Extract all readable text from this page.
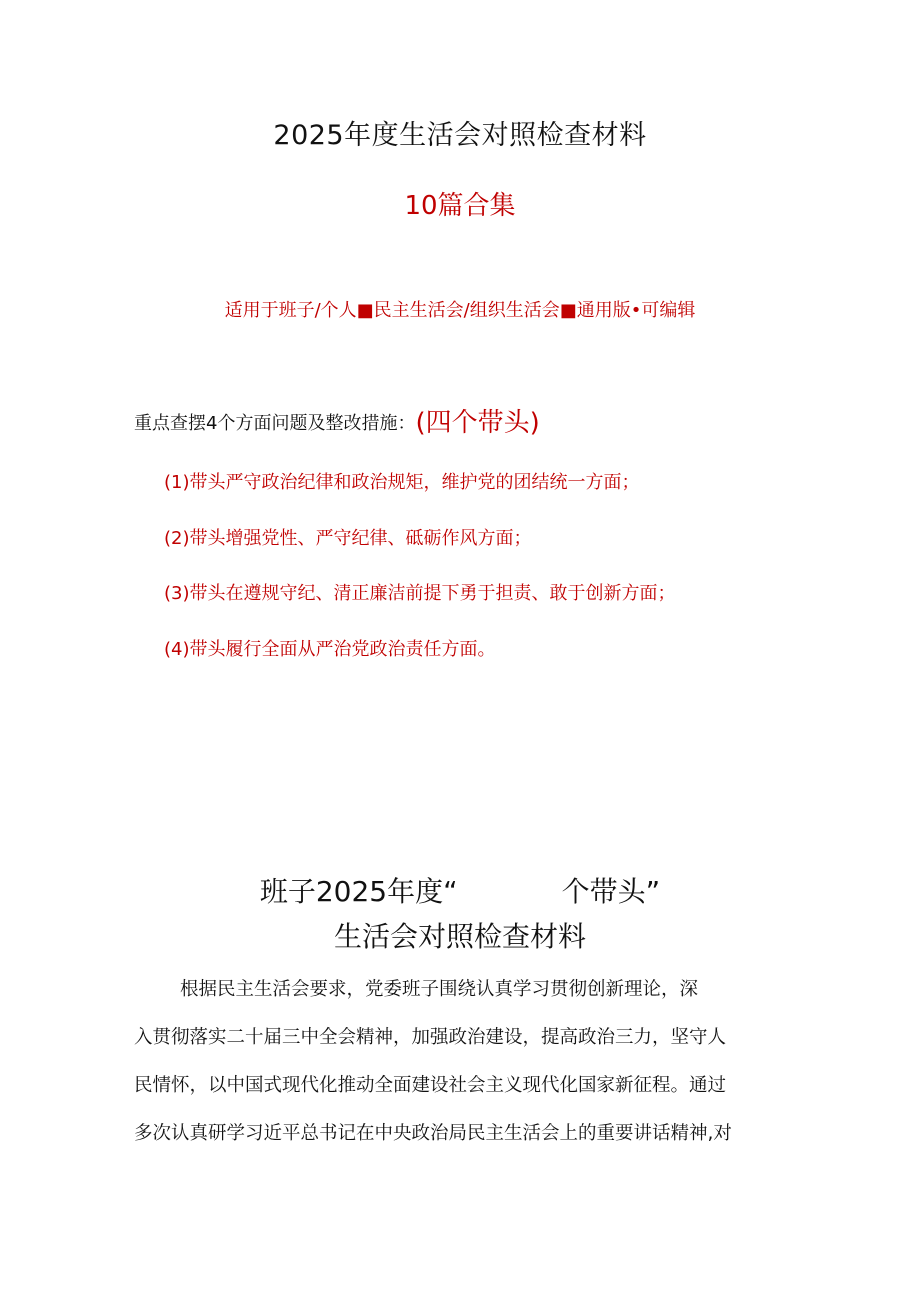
2025年度生活会对照检查材料
10篇合集
适用于班子/个人■民主生活会/组织生活会■通用版•可编辑
重点查摆4个方面问题及整改措施：(四个带头)
(1)带头严守政治纪律和政治规矩，维护党的团结统一方面；
(2)带头增强党性、严守纪律、砥砺作风方面；
(3)带头在遵规守纪、清正廉洁前提下勇于担责、敢于创新方面；
(4)带头履行全面从严治党政治责任方面。
班子2025年度“	个带头”
生活会对照检查材料
根据民主生活会要求，党委班子围绕认真学习贯彻创新理论，深
入贯彻落实二十届三中全会精神，加强政治建设，提高政治三力，坚守人
民情怀，以中国式现代化推动全面建设社会主义现代化国家新征程。通过
多次认真研学习近平总书记在中央政治局民主生活会上的重要讲话精神,对
